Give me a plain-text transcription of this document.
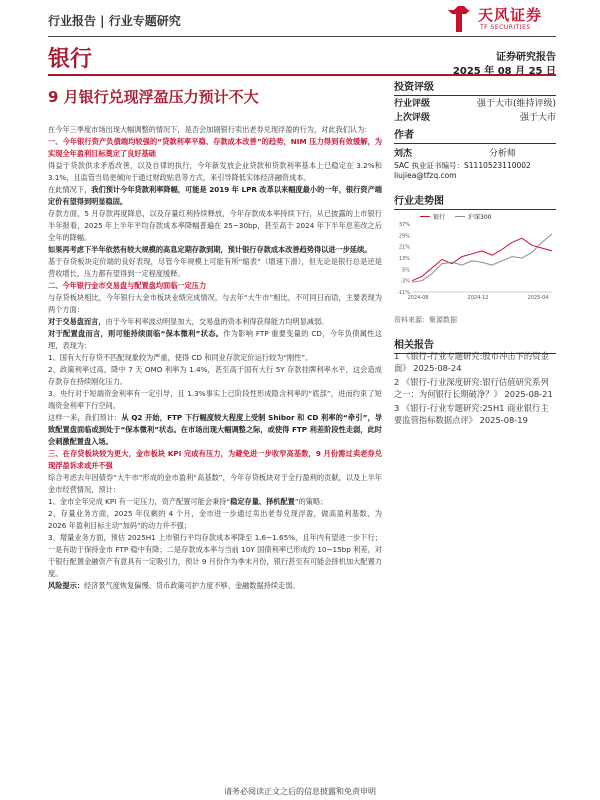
行业报告 | 行业专题研究	天风证券
TF SECURITIES
银行	证券研究报告
2025 年 08 月 25 日
9 月银行兑现浮盈压力预计不大
投资评级
行业评级	强于大市(维持评级)
上次评级	强于大市
作者
刘杰	分析师
SAC 执业证书编号：S1110523110002
liujiea@tfzq.com
行业走势图
银行	沪深300
37%
29%
21%
13%
5%
-3%
-11%
2024-08	2024-12	2025-04
资料来源：聚源数据
相关报告
1 《银行-行业专题研究:股市冲击下的资金面》 2025-08-24
2 《银行-行业深度研究:银行估值研究系列之一：为何银行长期破净？》 2025-08-21
3 《银行-行业专题研究:25H1 商业银行主要监管指标数据点评》 2025-08-19

在今年三季度市场出现大幅调整的情况下，是否会加剧银行卖出老券兑现浮盈的行为，对此我们认为：

一、今年银行资产负债端均较强的“贷款利率平稳、存款成本改善”的趋势，NIM 压力得到有效缓解，为实现全年盈利目标奠定了良好基础

得益于贷款供求矛盾改善，以及自律的执行，今年新发放企业贷款和贷款利率基本上已稳定在 3.2%和 3.1%，且监管当局更倾向于通过财政贴息等方式，来引导降低实体经济融资成本。

在此情况下，我们预计今年贷款利率降幅，可能是 2019 年 LPR 改革以来幅度最小的一年，银行资产端定价有望得到明显稳固。

存款方面，5 月存款再度降息，以及存量红利持续释放，今年存款成本率持续下行，从已披露的上市银行半年报看，2025 年上半年平均存款成本率降幅普遍在 25~30bp，甚至高于 2024 年下半年息差改之后全年的降幅。

如果再考虑下半年依然有较大规模的高息定期存款到期，预计银行存款成本改善趋势得以进一步延续。

基于存贷板块定价端的良好表现，尽管今年规模上可能有所“缩表”（增速下滑），但无论是银行总是还是营收增长，压力都有望得到一定程度缓释。

二、今年银行金市交易盘与配置盘均面临一定压力

与存贷板块相比，今年银行大金市板块业绩完成情况，与去年“大牛市”相比，不可同日而语，主要表现为两个方面：

对于交易盘而言，由于今年利率波动明显加大，交易盘的资本利得获得能力均明显减弱。

对于配置盘而言，则可能持续面临“保本微利”状态。作为影响 FTP 重要变量的 CD，今年负债属性这理，表现为：

1、国有大行存贷不匹配现象较为严重，使得 CD 和同业存款定价运行较为“刚性”。

2、政策利率过高，降中 7 天 OMO 利率为 1.4%，甚至高于国有大行 5Y 存款挂牌利率水平，这会造成存款存在持续刚化压力。

3、央行对于短端资金利率有一定引导，且 1.3%事实上已阶段性形成隐含利率的“底部”，进而约束了短端资金利率下行空间。

这样一来，我们预计：从 Q2 开始，FTP 下行幅度较大程度上受制 Shibor 和 CD 利率的“牵引”，导致配置盘面临或到处于“保本微利”状态。在市场出现大幅调整之际，或使得 FTP 利差阶段性走弱，此时会刺激配置盘入场。

三、在存贷板块较为更大，金市板块 KPI 完成有压力，为避免进一步收窄高基数，9 月份需过卖老券兑现浮盈诉求或并不强

综合考虑去年因债券“大牛市”形成的金市盈利“高基数”，今年存贷板块对于全行盈利的贡献，以及上半年金市经营情况，预计：

1、金市全年完成 KPI 有一定压力，资产配置可能会秉持“稳定存量、择机配置”的策略；

2、存量业务方面，2025 年仅剩的 4 个月，金市进一步通过卖出老券兑现浮盈，做高盈利基数，为 2026 年盈利目标主动“加码”的动力并不强；

3、增量业务方面，预估 2025H1 上市银行平均存款成本率降至 1.6~1.65%，且年内有望进一步下行；一是有助于保持金市 FTP 稳中有降；二是存款成本率与当前 10Y 国债利率已形成约 10~15bp 利差，对于银行配置金融资产有意具有一定吸引力，预计 9 月份作为季末月份，银行甚至有可能会择机加大配置力度。

风险提示：经济景气度恢复偏慢、货币政策可护力度不够、金融数据持续走弱。

请务必阅读正文之后的信息披露和免责申明
